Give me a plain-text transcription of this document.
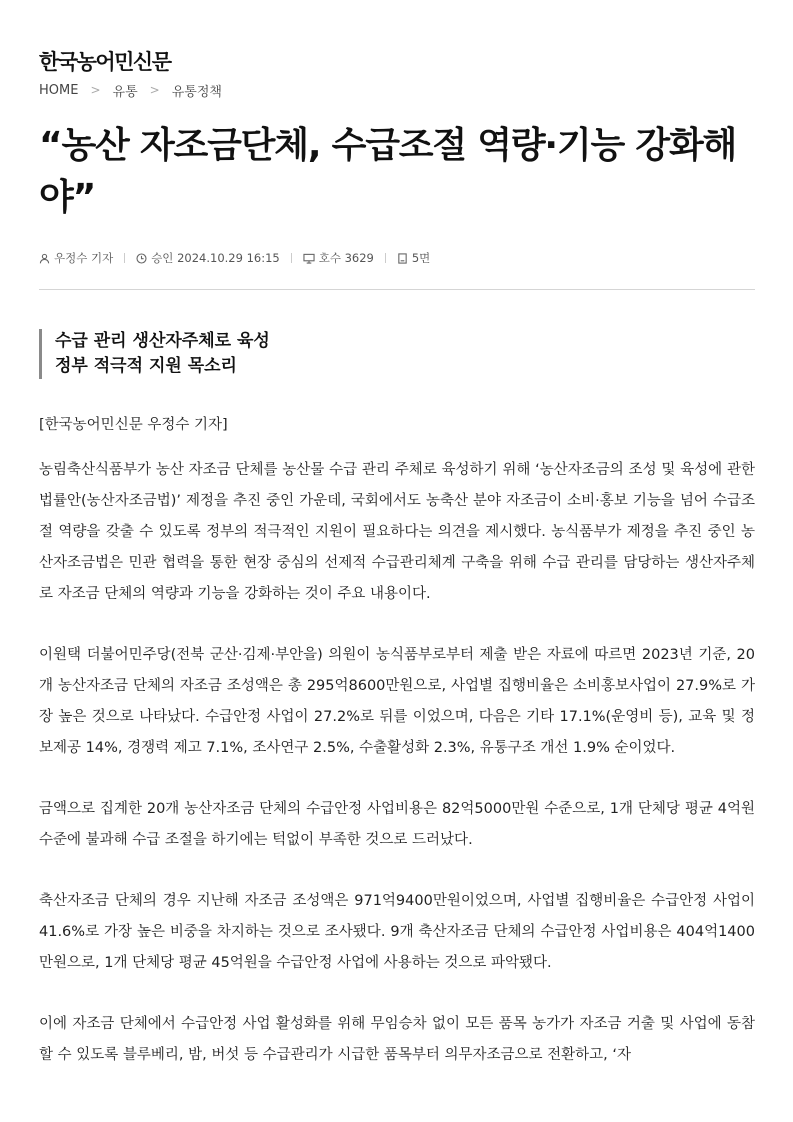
한국농어민신문
HOME > 유통 > 유통정책
“농산 자조금단체, 수급조절 역량·기능 강화해야”
우정수 기자	승인 2024.10.29 16:15	호수 3629	5면
수급 관리 생산자주체로 육성
정부 적극적 지원 목소리
[한국농어민신문 우정수 기자]

농림축산식품부가 농산 자조금 단체를 농산물 수급 관리 주체로 육성하기 위해 ‘농산자조금의 조성 및 육성에 관한 법률안(농산자조금법)’ 제정을 추진 중인 가운데, 국회에서도 농축산 분야 자조금이 소비·홍보 기능을 넘어 수급조절 역량을 갖출 수 있도록 정부의 적극적인 지원이 필요하다는 의견을 제시했다. 농식품부가 제정을 추진 중인 농산자조금법은 민관 협력을 통한 현장 중심의 선제적 수급관리체계 구축을 위해 수급 관리를 담당하는 생산자주체로 자조금 단체의 역량과 기능을 강화하는 것이 주요 내용이다.

이원택 더불어민주당(전북 군산·김제·부안을) 의원이 농식품부로부터 제출 받은 자료에 따르면 2023년 기준, 20개 농산자조금 단체의 자조금 조성액은 총 295억8600만원으로, 사업별 집행비율은 소비홍보사업이 27.9%로 가장 높은 것으로 나타났다. 수급안정 사업이 27.2%로 뒤를 이었으며, 다음은 기타 17.1%(운영비 등), 교육 및 정보제공 14%, 경쟁력 제고 7.1%, 조사연구 2.5%, 수출활성화 2.3%, 유통구조 개선 1.9% 순이었다.

금액으로 집계한 20개 농산자조금 단체의 수급안정 사업비용은 82억5000만원 수준으로, 1개 단체당 평균 4억원 수준에 불과해 수급 조절을 하기에는 턱없이 부족한 것으로 드러났다.

축산자조금 단체의 경우 지난해 자조금 조성액은 971억9400만원이었으며, 사업별 집행비율은 수급안정 사업이 41.6%로 가장 높은 비중을 차지하는 것으로 조사됐다. 9개 축산자조금 단체의 수급안정 사업비용은 404억1400만원으로, 1개 단체당 평균 45억원을 수급안정 사업에 사용하는 것으로 파악됐다.

이에 자조금 단체에서 수급안정 사업 활성화를 위해 무임승차 없이 모든 품목 농가가 자조금 거출 및 사업에 동참할 수 있도록 블루베리, 밤, 버섯 등 수급관리가 시급한 품목부터 의무자조금으로 전환하고, ‘자
